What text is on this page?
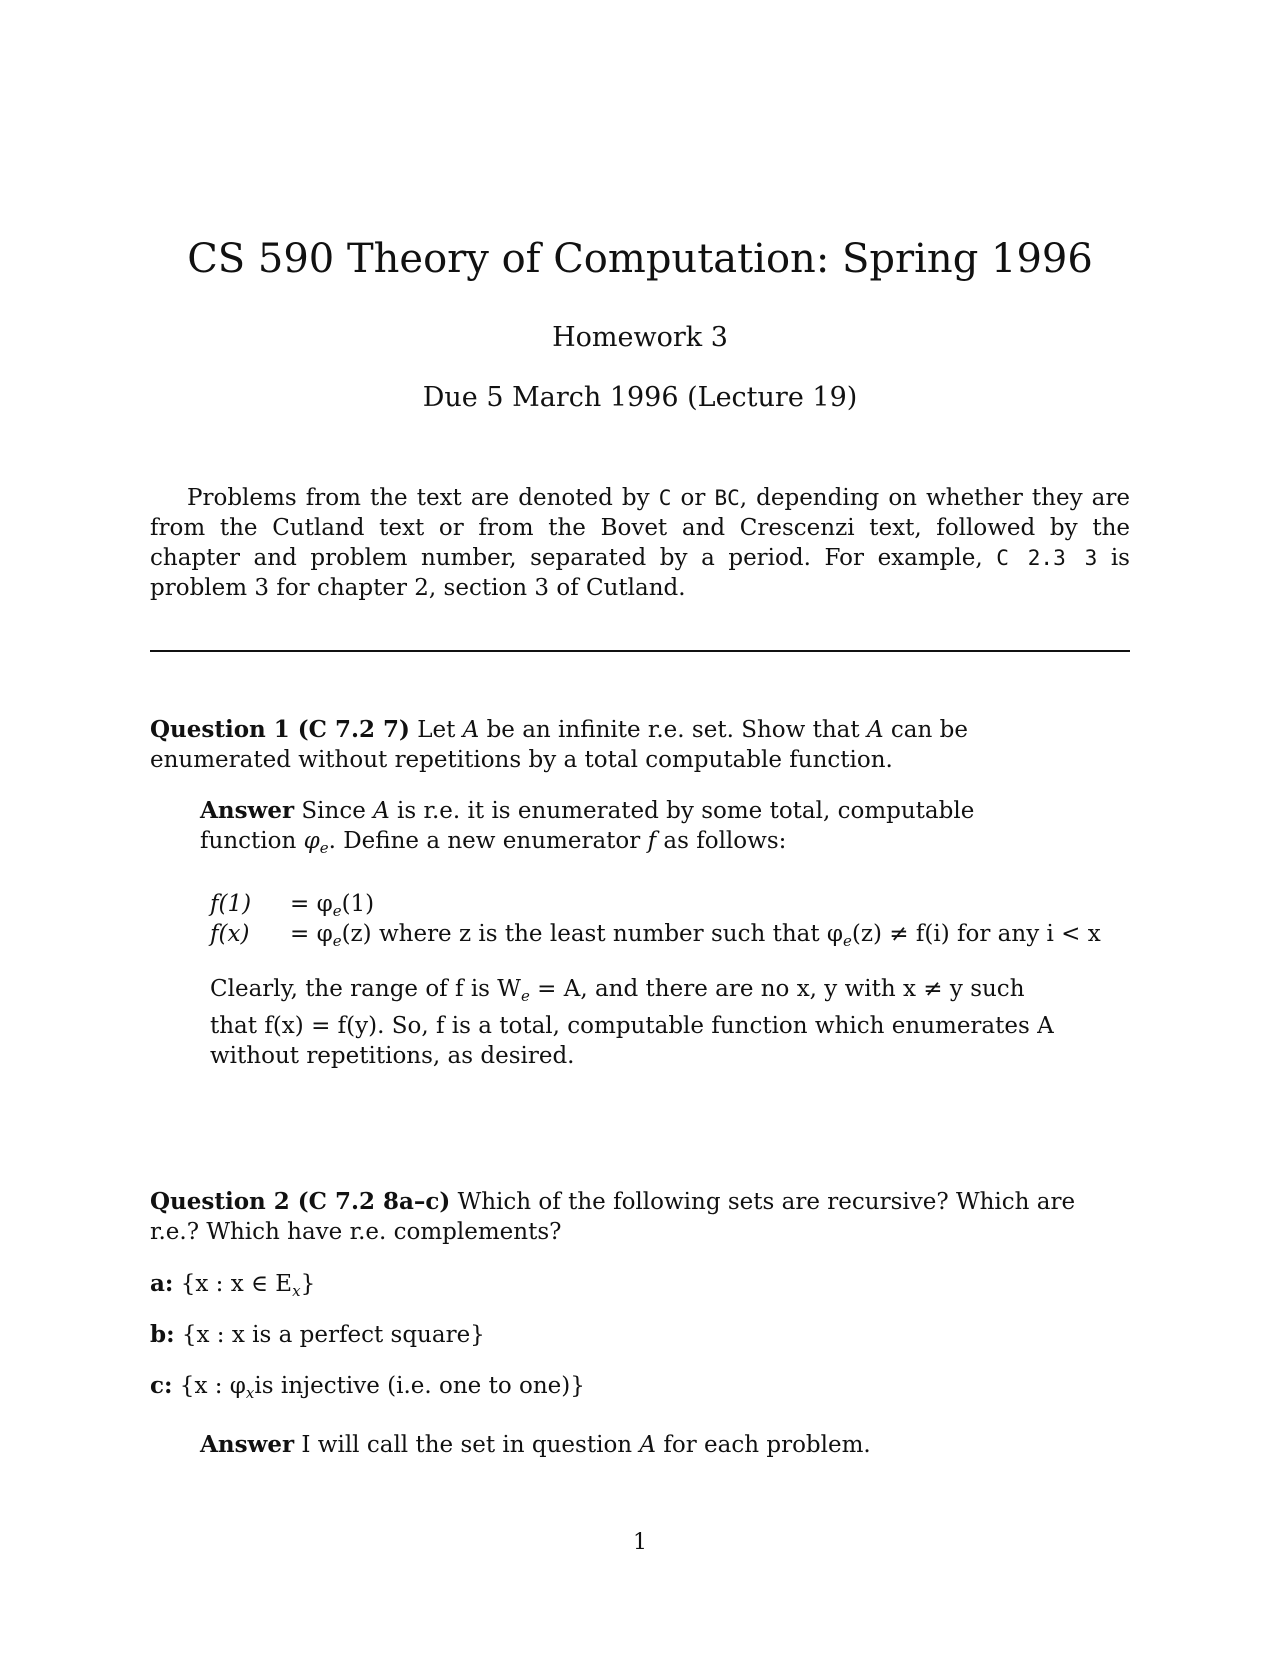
CS 590 Theory of Computation: Spring 1996
Homework 3
Due 5 March 1996 (Lecture 19)
Problems from the text are denoted by C or BC, depending on whether they are from the Cutland text or from the Bovet and Crescenzi text, followed by the chapter and problem number, separated by a period. For example, C 2.3 3 is problem 3 for chapter 2, section 3 of Cutland.
Question 1 (C 7.2 7) Let A be an infinite r.e. set. Show that A can be enumerated without repetitions by a total computable function.
Answer Since A is r.e. it is enumerated by some total, computable function $\varphi_e$. Define a new enumerator f as follows:
$f(1) = \varphi_e(1)$
$f(x) = \varphi_e(z)$ where z is the least number such that $\varphi_e(z) \ne f(i)$ for any i < x
Clearly, the range of f is $W_e = A$, and there are no x, y with x ≠ y such that f(x) = f(y). So, f is a total, computable function which enumerates A without repetitions, as desired.
Question 2 (C 7.2 8a–c) Which of the following sets are recursive? Which are r.e.? Which have r.e. complements?
a: {x : x ∈ $E_x$}
b: {x : x is a perfect square}
c: {x : $\varphi_xis$ injective (i.e. one to one)}
Answer I will call the set in question A for each problem.
1
